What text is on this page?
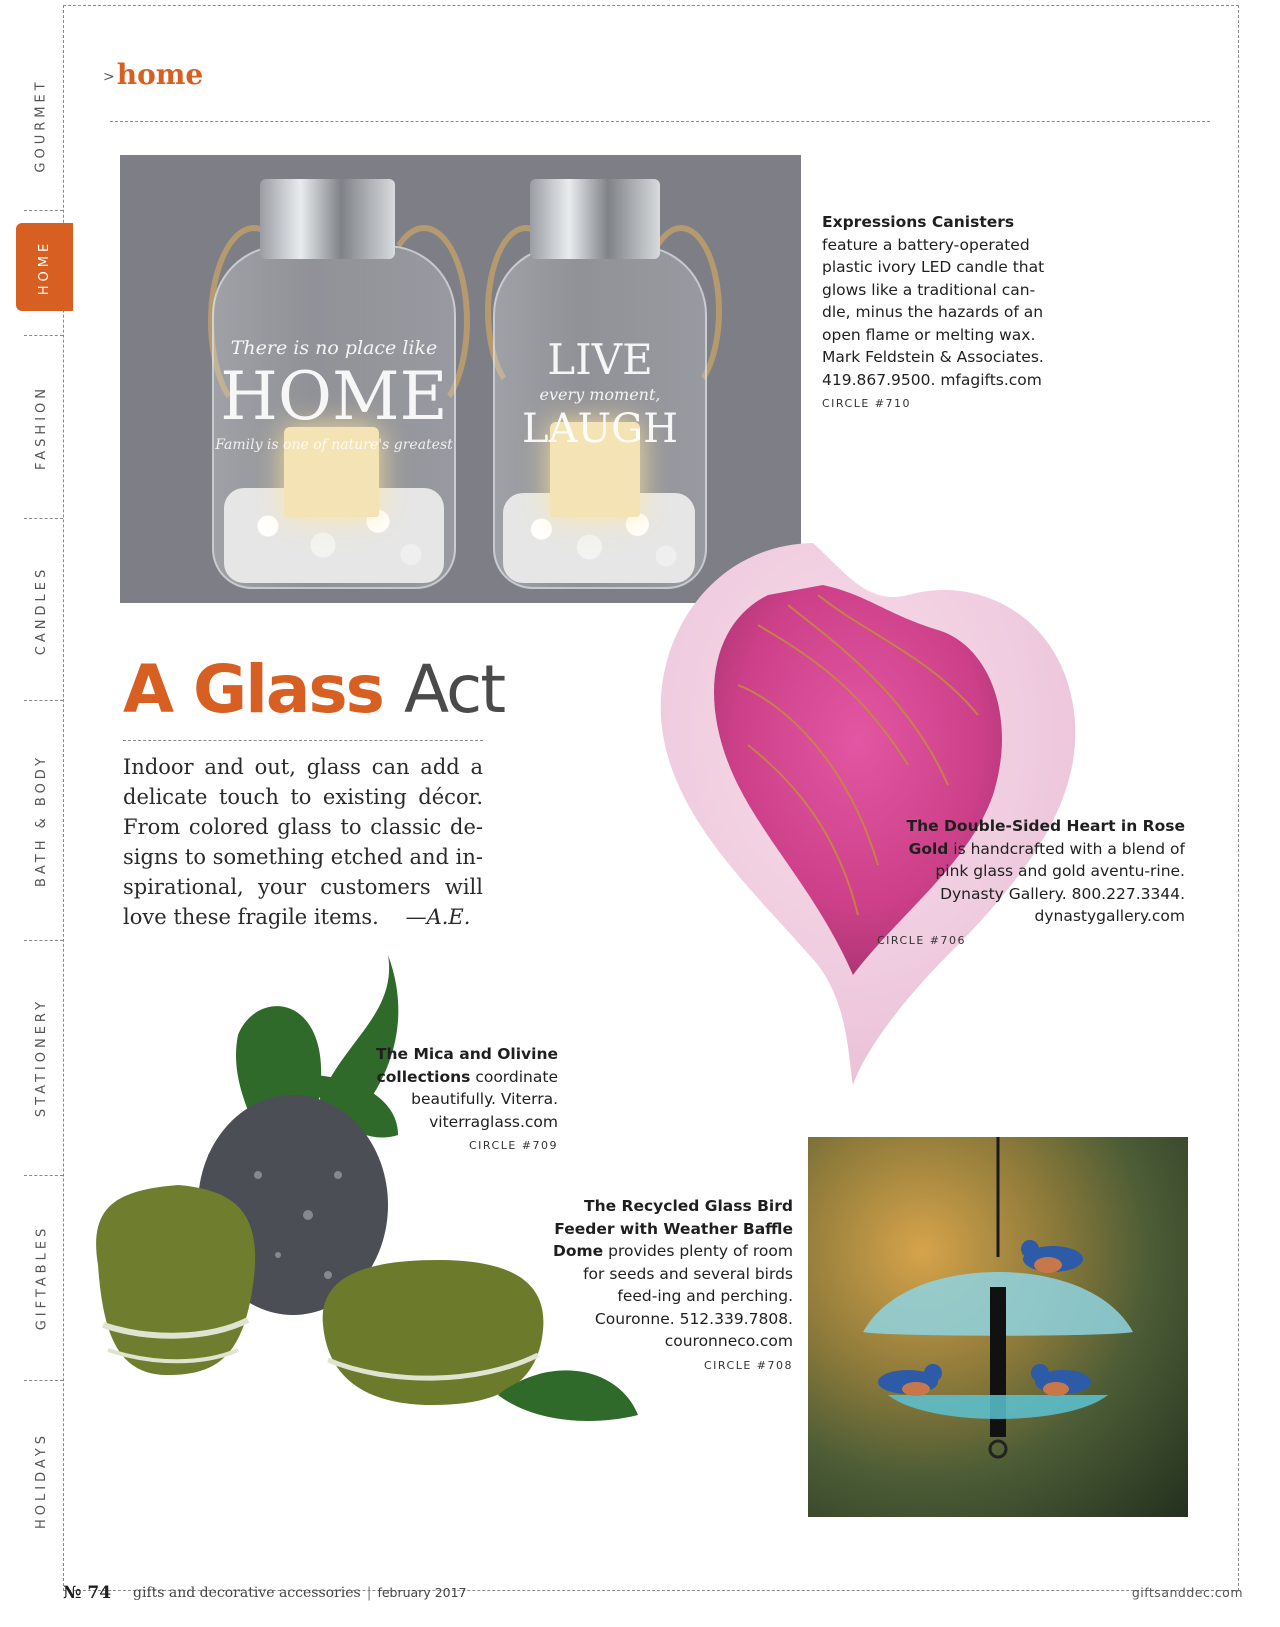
GOURMET
HOME
FASHION
CANDLES
BATH & BODY
STATIONERY
GIFTABLES
HOLIDAYS
>home
There is no place like
HOME
Family is one of nature's greatest
LIVE
every moment,
LAUGH
Expressions Canisters feature a battery-operated plastic ivory LED candle that glows like a traditional can-dle, minus the hazards of an open flame or melting wax. Mark Feldstein & Associates. 419.867.9500. mfagifts.com
CIRCLE #710
The Double-Sided Heart in Rose Gold is handcrafted with a blend of pink glass and gold aventu-rine. Dynasty Gallery. 800.227.3344. dynastygallery.com
CIRCLE #706
The Mica and Olivine collections coordinate beautifully. Viterra. viterraglass.com
CIRCLE #709
The Recycled Glass Bird Feeder with Weather Baffle Dome provides plenty of room for seeds and several birds feed-ing and perching. Couronne. 512.339.7808. couronneco.com
CIRCLE #708
A Glass Act
Indoor and out, glass can add a delicate touch to existing décor. From colored glass to classic de-signs to something etched and in-spirational, your customers will love these fragile items. —A.E.
№ 74 gifts and decorative accessories | february 2017	giftsanddec.com
